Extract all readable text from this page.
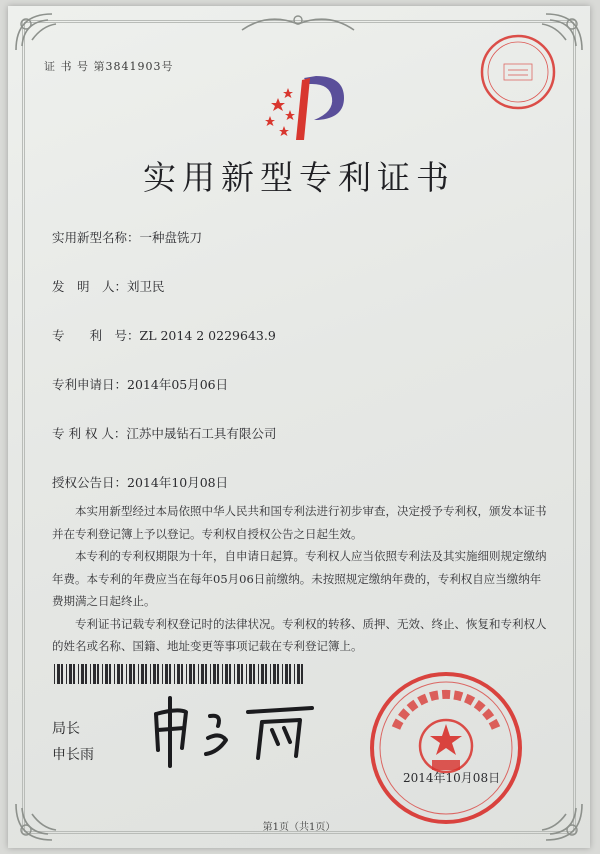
证 书 号 第3841903号
实用新型专利证书
实用新型名称：一种盘铣刀
发　明　人：刘卫民
专　　利　号：ZL 2014 2 0229643.9
专利申请日：2014年05月06日
专 利 权 人：江苏中晟钻石工具有限公司
授权公告日：2014年10月08日

本实用新型经过本局依照中华人民共和国专利法进行初步审查，决定授予专利权，颁发本证书并在专利登记簿上予以登记。专利权自授权公告之日起生效。

本专利的专利权期限为十年，自申请日起算。专利权人应当依照专利法及其实施细则规定缴纳年费。本专利的年费应当在每年05月06日前缴纳。未按照规定缴纳年费的，专利权自应当缴纳年费期满之日起终止。

专利证书记载专利权登记时的法律状况。专利权的转移、质押、无效、终止、恢复和专利权人的姓名或名称、国籍、地址变更等事项记载在专利登记簿上。

局长
申长雨
2014年10月08日
第1页（共1页）
